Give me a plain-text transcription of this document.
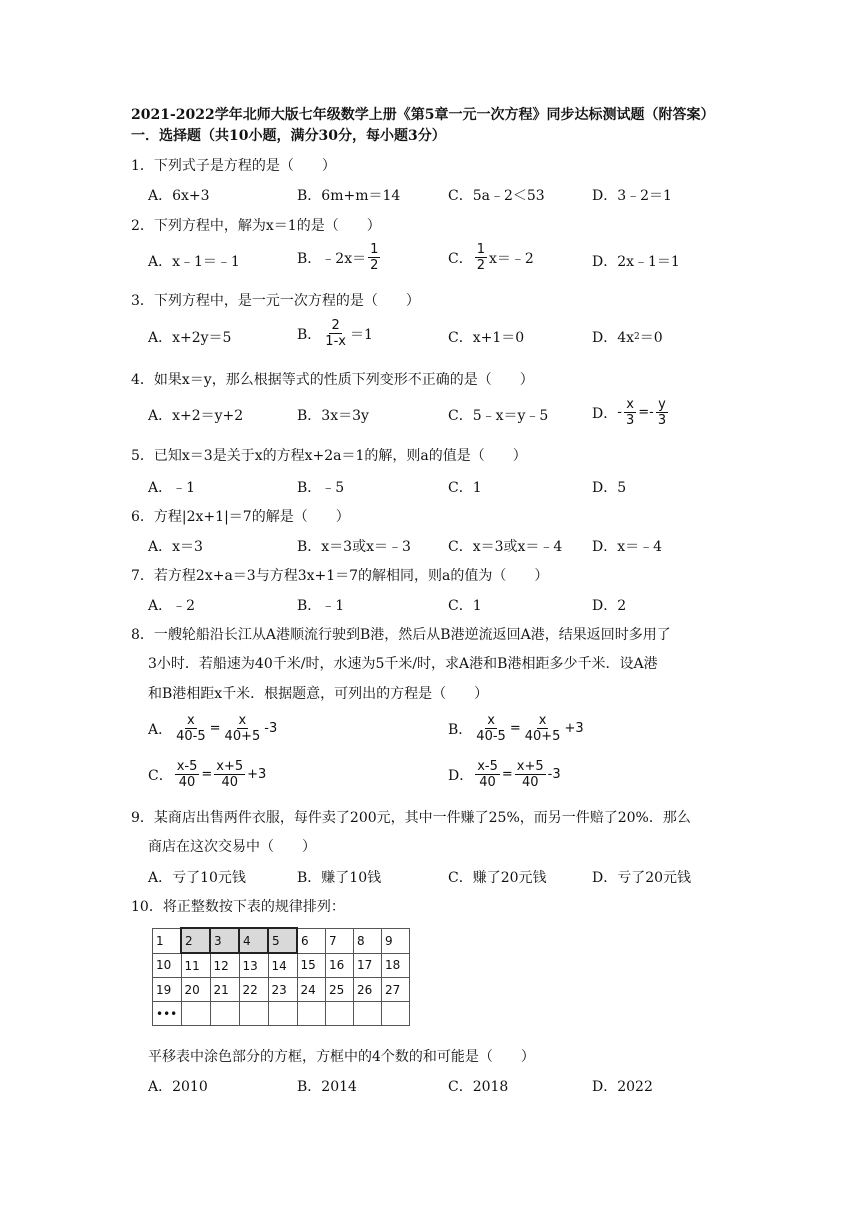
2021-2022学年北师大版七年级数学上册《第5章一元一次方程》同步达标测试题（附答案）
一．选择题（共10小题，满分30分，每小题3分）
1．下列式子是方程的是（　　）
A．6x+3	B．6m+m＝14	C．5a﹣2＜53	D．3﹣2＝1
2．下列方程中，解为x＝1的是（　　）
A．x﹣1＝﹣1	B．﹣2x＝ $\frac{1}{2}$	C． $\frac{1}{2}$ x＝﹣2	D．2x﹣1＝1
3．下列方程中，是一元一次方程的是（　　）
A．x+2y＝5	B． $\frac{2}{1-x} =1$	C．x+1＝0	D．4x 2 ＝0
4．如果x＝y，那么根据等式的性质下列变形不正确的是（　　）
A．x+2＝y+2	B．3x＝3y	C．5﹣x＝y﹣5	D． - $\frac{x}{3} =- \frac{y}{3}$
5．已知x＝3是关于x的方程x+2a＝1的解，则a的值是（　　）
A．﹣1	B．﹣5	C．1	D．5
6．方程|2x+1|＝7的解是（　　）
A．x＝3	B．x＝3或x＝﹣3	C．x＝3或x＝﹣4 D．x＝﹣4
7．若方程2x+a＝3与方程3x+1＝7的解相同，则a的值为（　　）
A．﹣2	B．﹣1	C．1	D．2
8．一艘轮船沿长江从A港顺流行驶到B港，然后从B港逆流返回A港，结果返回时多用了
3小时．若船速为40千米/时，水速为5千米/时，求A港和B港相距多少千米．设A港
和B港相距x千米．根据题意，可列出的方程是（　　）
A． $\frac{x}{40-5} = \frac{x}{40+5} -3$	B． $\frac{x}{40-5} = \frac{x}{40+5} +3$
C． $\frac{x-5}{40} = \frac{x+5}{40} +3$	D． $\frac{x-5}{40} = \frac{x+5}{40} -3$
9．某商店出售两件衣服，每件卖了200元，其中一件赚了25%，而另一件赔了20%．那么
商店在这次交易中（　　）
A．亏了10元钱	B．赚了10钱	C．赚了20元钱	D．亏了20元钱
10．将正整数按下表的规律排列：
1	2	3	4	5	6	7	8	9
10	11	12	13	14	15	16	17	18
19	20	21	22	23	24	25	26	27
•••								
平移表中涂色部分的方框，方框中的4个数的和可能是（　　）
A．2010	B．2014	C．2018	D．2022
